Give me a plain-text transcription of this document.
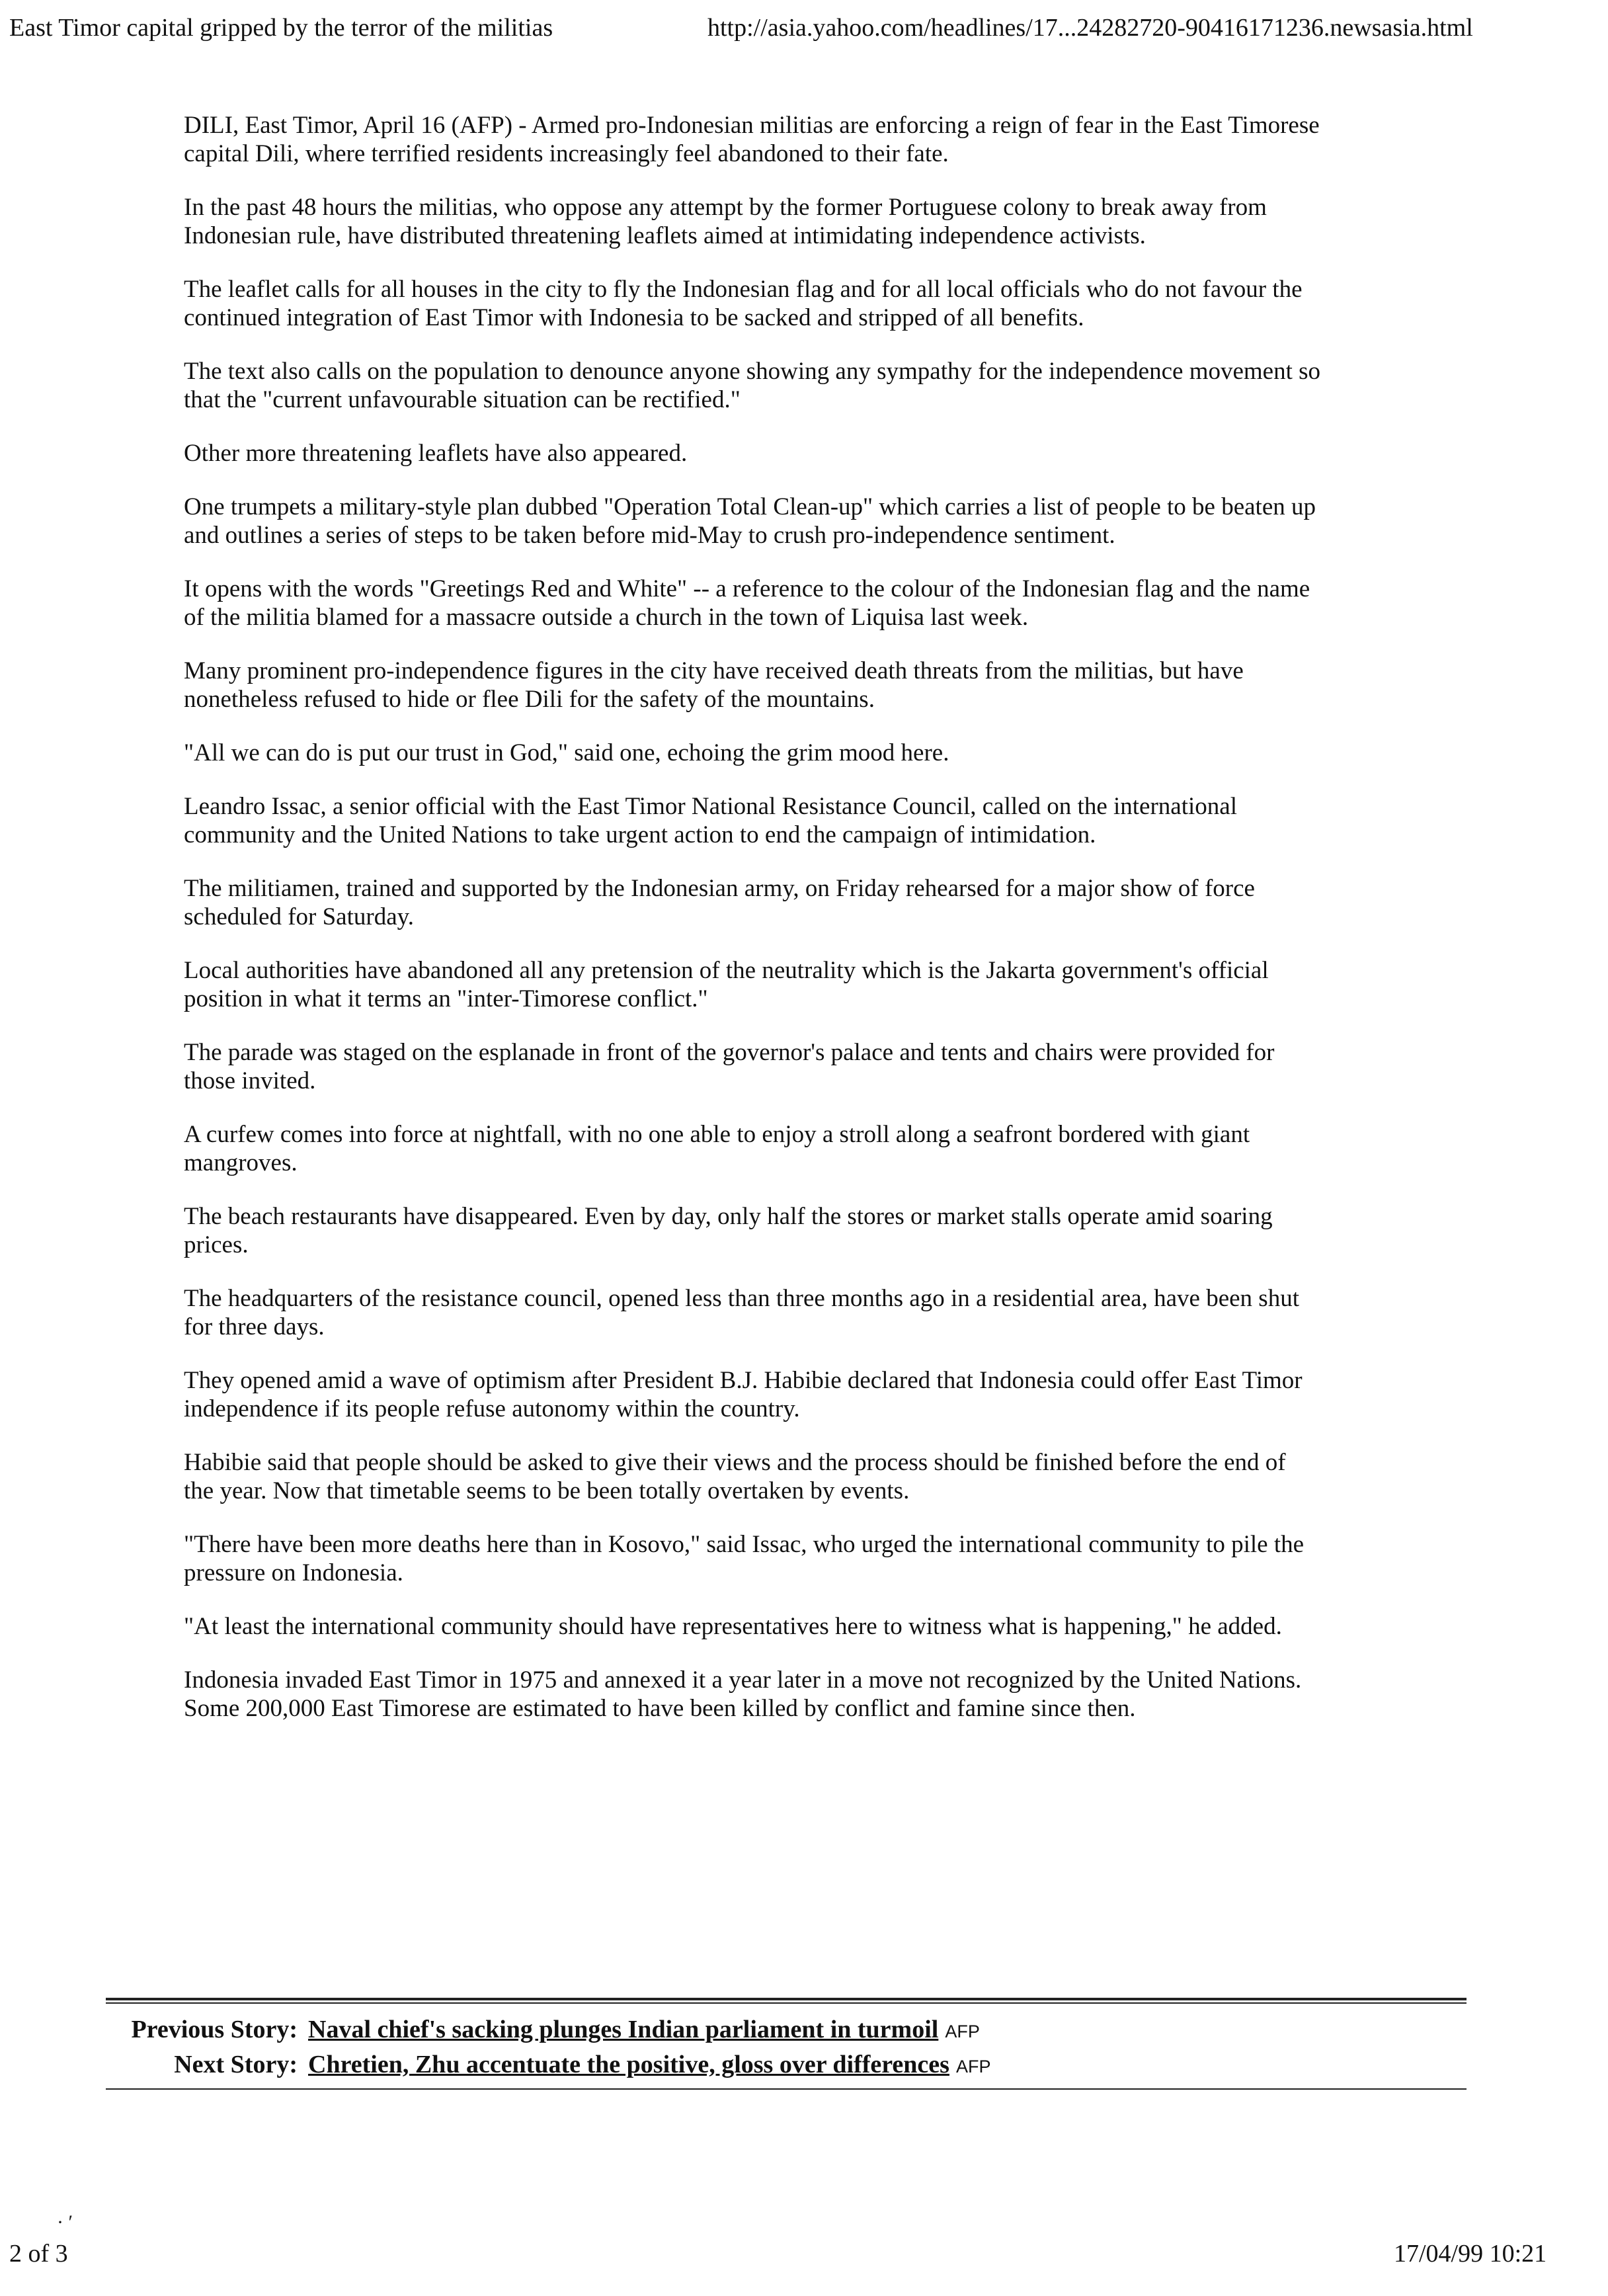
East Timor capital gripped by the terror of the militias	http://asia.yahoo.com/headlines/17...24282720-90416171236.newsasia.html

DILI, East Timor, April 16 (AFP) - Armed pro-Indonesian militias are enforcing a reign of fear in the East Timorese capital Dili, where terrified residents increasingly feel abandoned to their fate.

In the past 48 hours the militias, who oppose any attempt by the former Portuguese colony to break away from Indonesian rule, have distributed threatening leaflets aimed at intimidating independence activists.

The leaflet calls for all houses in the city to fly the Indonesian flag and for all local officials who do not favour the continued integration of East Timor with Indonesia to be sacked and stripped of all benefits.

The text also calls on the population to denounce anyone showing any sympathy for the independence movement so that the "current unfavourable situation can be rectified."

Other more threatening leaflets have also appeared.

One trumpets a military-style plan dubbed "Operation Total Clean-up" which carries a list of people to be beaten up and outlines a series of steps to be taken before mid-May to crush pro-independence sentiment.

It opens with the words "Greetings Red and White" -- a reference to the colour of the Indonesian flag and the name of the militia blamed for a massacre outside a church in the town of Liquisa last week.

Many prominent pro-independence figures in the city have received death threats from the militias, but have nonetheless refused to hide or flee Dili for the safety of the mountains.

"All we can do is put our trust in God," said one, echoing the grim mood here.

Leandro Issac, a senior official with the East Timor National Resistance Council, called on the international community and the United Nations to take urgent action to end the campaign of intimidation.

The militiamen, trained and supported by the Indonesian army, on Friday rehearsed for a major show of force scheduled for Saturday.

Local authorities have abandoned all any pretension of the neutrality which is the Jakarta government's official position in what it terms an "inter-Timorese conflict."

The parade was staged on the esplanade in front of the governor's palace and tents and chairs were provided for those invited.

A curfew comes into force at nightfall, with no one able to enjoy a stroll along a seafront bordered with giant mangroves.

The beach restaurants have disappeared. Even by day, only half the stores or market stalls operate amid soaring prices.

The headquarters of the resistance council, opened less than three months ago in a residential area, have been shut for three days.

They opened amid a wave of optimism after President B.J. Habibie declared that Indonesia could offer East Timor independence if its people refuse autonomy within the country.

Habibie said that people should be asked to give their views and the process should be finished before the end of the year. Now that timetable seems to be been totally overtaken by events.

"There have been more deaths here than in Kosovo," said Issac, who urged the international community to pile the pressure on Indonesia.

"At least the international community should have representatives here to witness what is happening," he added.

Indonesia invaded East Timor in 1975 and annexed it a year later in a move not recognized by the United Nations. Some 200,000 East Timorese are estimated to have been killed by conflict and famine since then.

Previous Story: Naval chief's sacking plunges Indian parliament in turmoil AFP
Next Story: Chretien, Zhu accentuate the positive, gloss over differences AFP
· ʹ
2 of 3	17/04/99 10:21
